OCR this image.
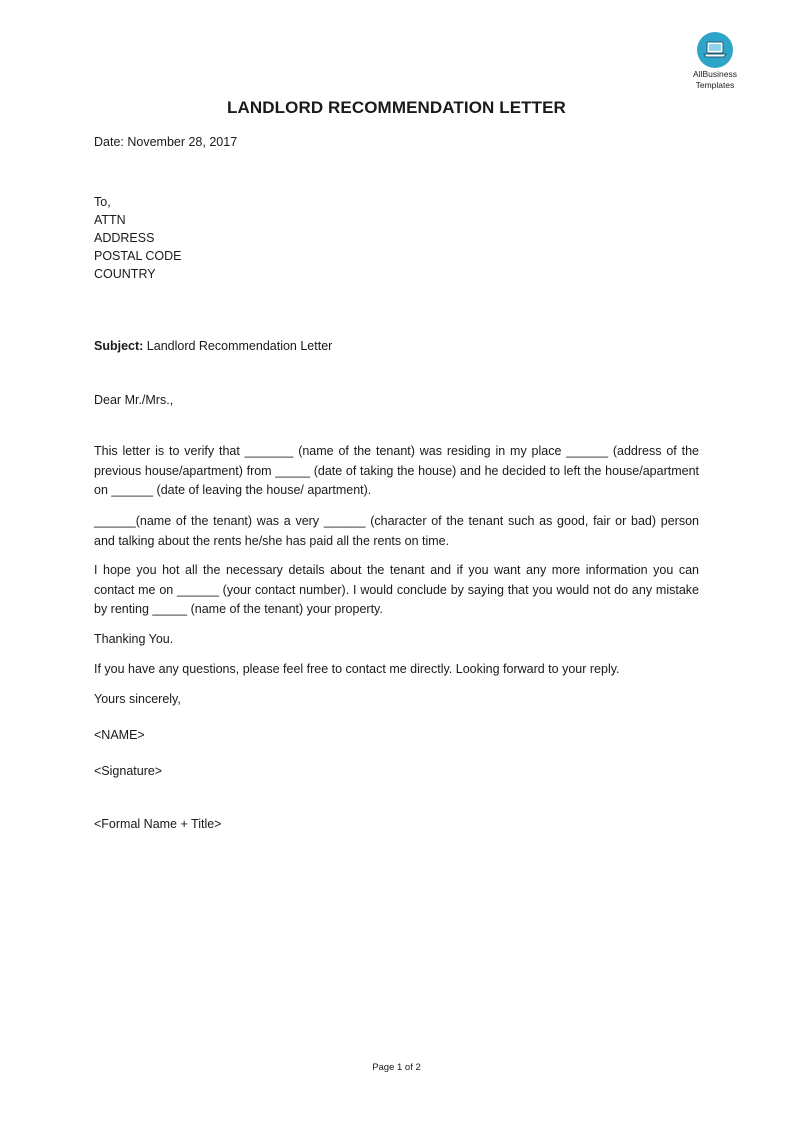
AllBusiness
Templates
LANDLORD RECOMMENDATION LETTER
Date: November 28, 2017
To,
ATTN
ADDRESS
POSTAL CODE
COUNTRY
Subject: Landlord Recommendation Letter
Dear Mr./Mrs.,
This letter is to verify that _______ (name of the tenant) was residing in my place ______ (address of the previous house/apartment) from _____ (date of taking the house) and he decided to left the house/apartment on ______ (date of leaving the house/ apartment).
______(name of the tenant) was a very ______ (character of the tenant such as good, fair or bad) person and talking about the rents he/she has paid all the rents on time.
I hope you hot all the necessary details about the tenant and if you want any more information you can contact me on ______ (your contact number). I would conclude by saying that you would not do any mistake by renting _____ (name of the tenant) your property.
Thanking You.
If you have any questions, please feel free to contact me directly. Looking forward to your reply.
Yours sincerely,
<NAME>
<Signature>
<Formal Name + Title>
Page 1 of 2
